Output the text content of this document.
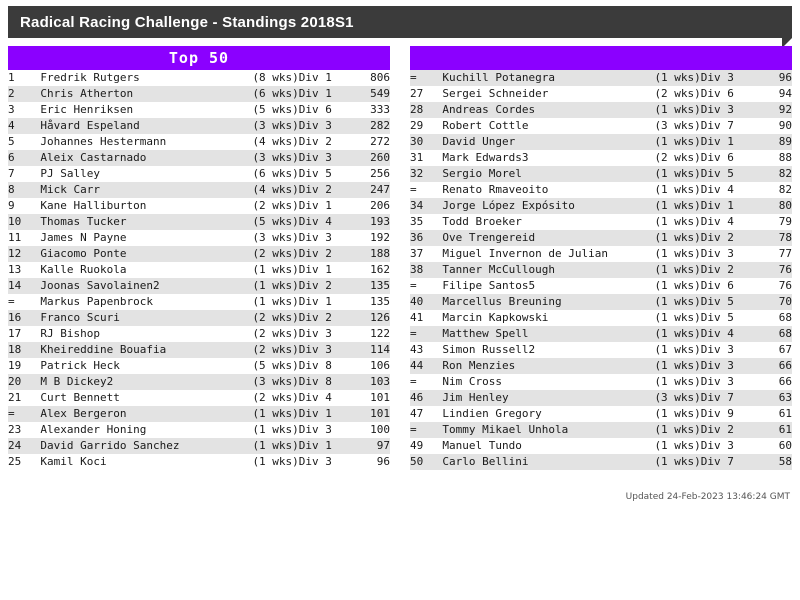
Radical Racing Challenge - Standings 2018S1
Top 50
1	Fredrik Rutgers	(8 wks)	Div 1	806
2	Chris Atherton	(6 wks)	Div 1	549
3	Eric Henriksen	(5 wks)	Div 6	333
4	Håvard Espeland	(3 wks)	Div 3	282
5	Johannes Hestermann	(4 wks)	Div 2	272
6	Aleix Castarnado	(3 wks)	Div 3	260
7	PJ Salley	(6 wks)	Div 5	256
8	Mick Carr	(4 wks)	Div 2	247
9	Kane Halliburton	(2 wks)	Div 1	206
10	Thomas Tucker	(5 wks)	Div 4	193
11	James N Payne	(3 wks)	Div 3	192
12	Giacomo Ponte	(2 wks)	Div 2	188
13	Kalle Ruokola	(1 wks)	Div 1	162
14	Joonas Savolainen2	(1 wks)	Div 2	135
=	Markus Papenbrock	(1 wks)	Div 1	135
16	Franco Scuri	(2 wks)	Div 2	126
17	RJ Bishop	(2 wks)	Div 3	122
18	Kheireddine Bouafia	(2 wks)	Div 3	114
19	Patrick Heck	(5 wks)	Div 8	106
20	M B Dickey2	(3 wks)	Div 8	103
21	Curt Bennett	(2 wks)	Div 4	101
=	Alex Bergeron	(1 wks)	Div 1	101
23	Alexander Honing	(1 wks)	Div 3	100
24	David Garrido Sanchez	(1 wks)	Div 1	97
25	Kamil Koci	(1 wks)	Div 3	96
=	Kuchill Potanegra	(1 wks)	Div 3	96
27	Sergei Schneider	(2 wks)	Div 6	94
28	Andreas Cordes	(1 wks)	Div 3	92
29	Robert Cottle	(3 wks)	Div 7	90
30	David Unger	(1 wks)	Div 1	89
31	Mark Edwards3	(2 wks)	Div 6	88
32	Sergio Morel	(1 wks)	Div 5	82
=	Renato Rmaveoito	(1 wks)	Div 4	82
34	Jorge López Expósito	(1 wks)	Div 1	80
35	Todd Broeker	(1 wks)	Div 4	79
36	Ove Trengereid	(1 wks)	Div 2	78
37	Miguel Invernon de Julian	(1 wks)	Div 3	77
38	Tanner McCullough	(1 wks)	Div 2	76
=	Filipe Santos5	(1 wks)	Div 6	76
40	Marcellus Breuning	(1 wks)	Div 5	70
41	Marcin Kapkowski	(1 wks)	Div 5	68
=	Matthew Spell	(1 wks)	Div 4	68
43	Simon Russell2	(1 wks)	Div 3	67
44	Ron Menzies	(1 wks)	Div 3	66
=	Nim Cross	(1 wks)	Div 3	66
46	Jim Henley	(3 wks)	Div 7	63
47	Lindien Gregory	(1 wks)	Div 9	61
=	Tommy Mikael Unhola	(1 wks)	Div 2	61
49	Manuel Tundo	(1 wks)	Div 3	60
50	Carlo Bellini	(1 wks)	Div 7	58
Updated 24-Feb-2023 13:46:24 GMT
